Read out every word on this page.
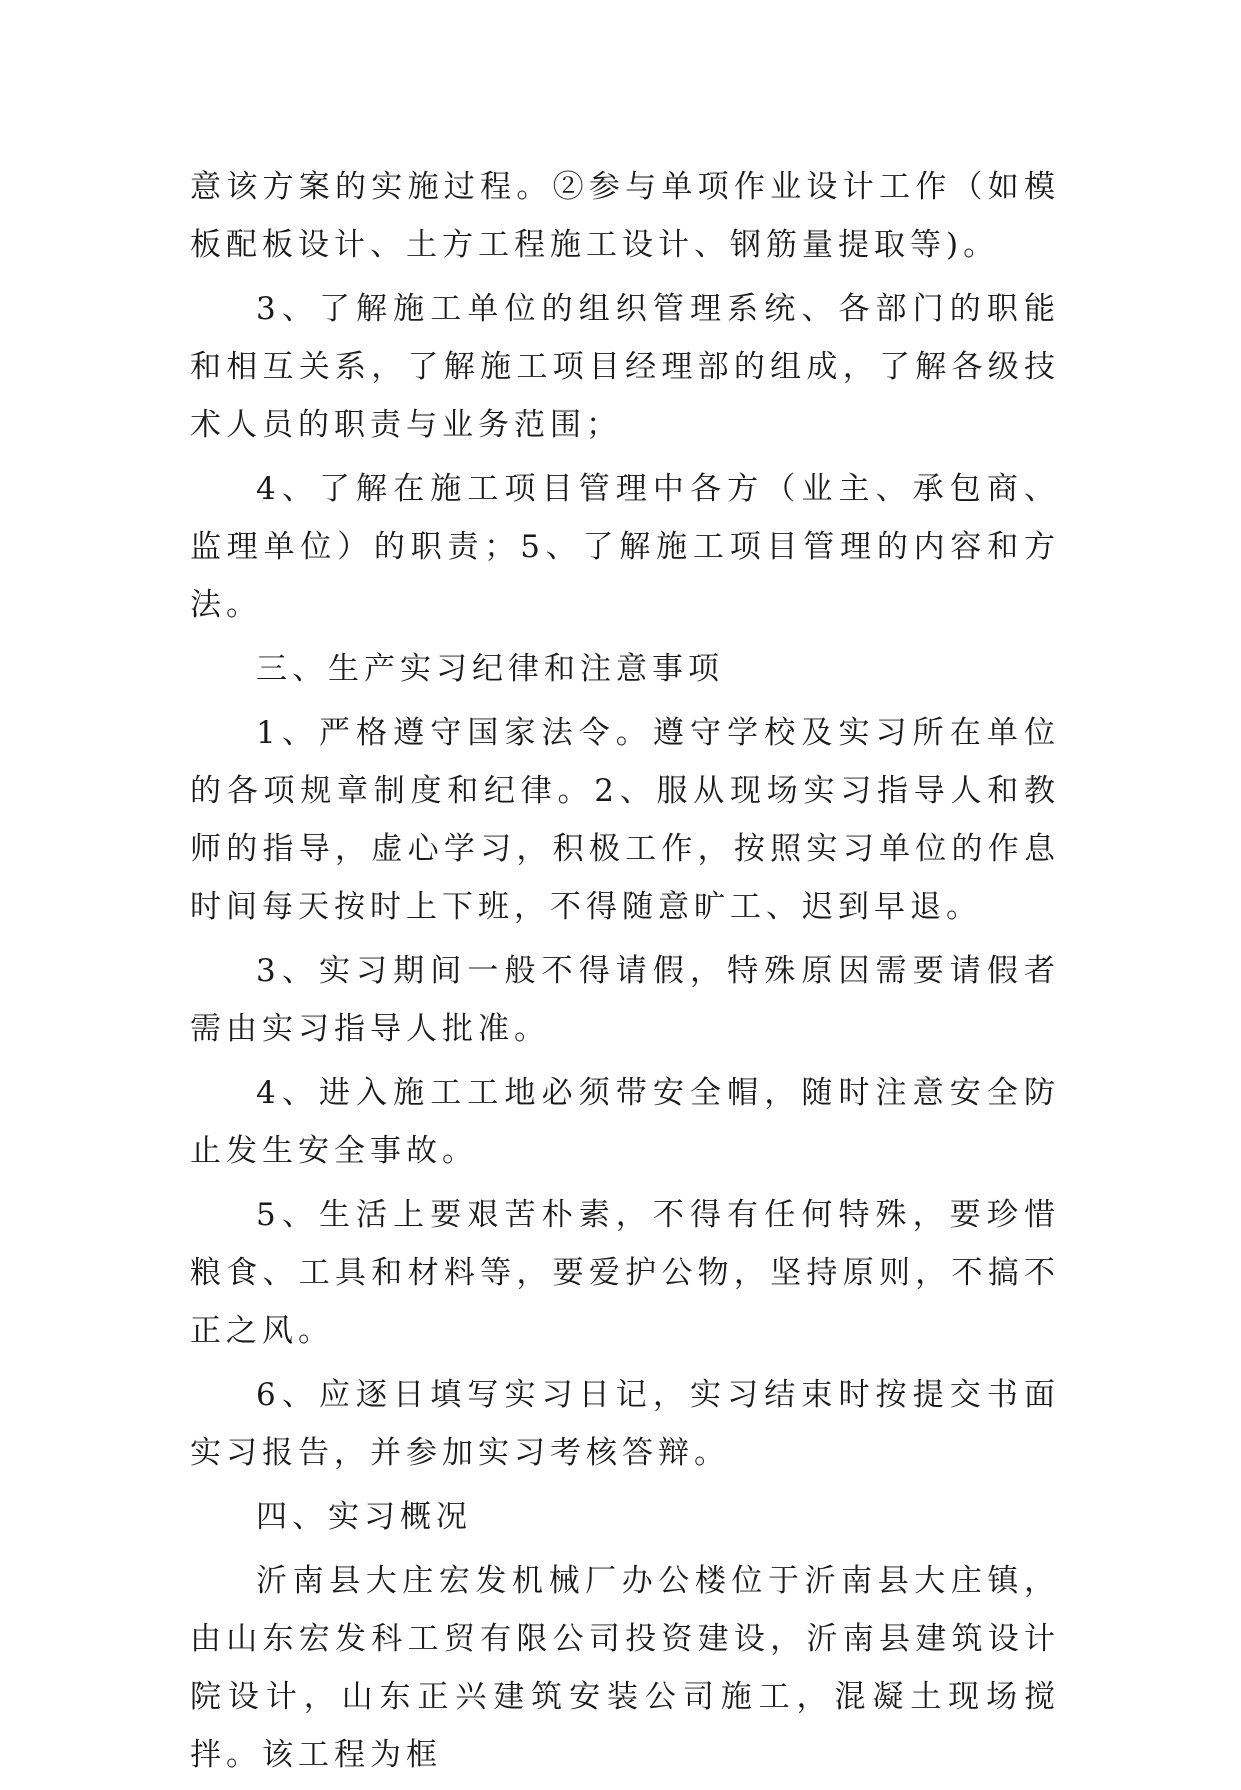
意该方案的实施过程。②参与单项作业设计工作（如模板配板设计、土方工程施工设计、钢筋量提取等)。

3、了解施工单位的组织管理系统、各部门的职能和相互关系，了解施工项目经理部的组成，了解各级技术人员的职责与业务范围；

4、了解在施工项目管理中各方（业主、承包商、监理单位）的职责；5、了解施工项目管理的内容和方法。

三、生产实习纪律和注意事项

1、严格遵守国家法令。遵守学校及实习所在单位的各项规章制度和纪律。2、服从现场实习指导人和教师的指导，虚心学习，积极工作，按照实习单位的作息时间每天按时上下班，不得随意旷工、迟到早退。

3、实习期间一般不得请假，特殊原因需要请假者需由实习指导人批准。

4、进入施工工地必须带安全帽，随时注意安全防止发生安全事故。

5、生活上要艰苦朴素，不得有任何特殊，要珍惜粮食、工具和材料等，要爱护公物，坚持原则，不搞不正之风。

6、应逐日填写实习日记，实习结束时按提交书面实习报告，并参加实习考核答辩。

四、实习概况

沂南县大庄宏发机械厂办公楼位于沂南县大庄镇，由山东宏发科工贸有限公司投资建设，沂南县建筑设计院设计，山东正兴建筑安装公司施工，混凝土现场搅拌。该工程为框
